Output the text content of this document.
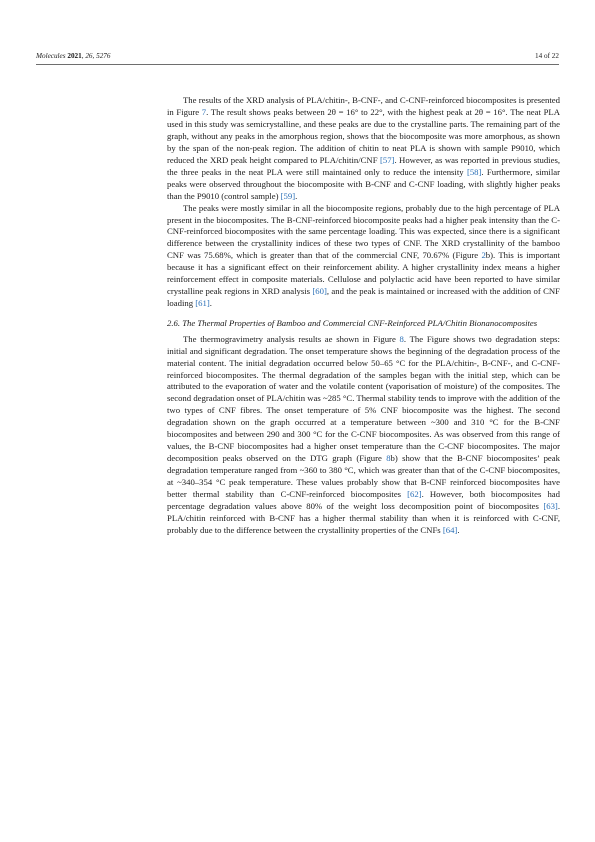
Molecules 2021, 26, 5276	14 of 22

The results of the XRD analysis of PLA/chitin-, B-CNF-, and C-CNF-reinforced biocomposites is presented in Figure 7. The result shows peaks between 2θ = 16° to 22°, with the highest peak at 2θ = 16°. The neat PLA used in this study was semicrystalline, and these peaks are due to the crystalline parts. The remaining part of the graph, without any peaks in the amorphous region, shows that the biocomposite was more amorphous, as shown by the span of the non-peak region. The addition of chitin to neat PLA is shown with sample P9010, which reduced the XRD peak height compared to PLA/chitin/CNF [57]. However, as was reported in previous studies, the three peaks in the neat PLA were still maintained only to reduce the intensity [58]. Furthermore, similar peaks were observed throughout the biocomposite with B-CNF and C-CNF loading, with slightly higher peaks than the P9010 (control sample) [59].

The peaks were mostly similar in all the biocomposite regions, probably due to the high percentage of PLA present in the biocomposites. The B-CNF-reinforced biocomposite peaks had a higher peak intensity than the C-CNF-reinforced biocomposites with the same percentage loading. This was expected, since there is a significant difference between the crystallinity indices of these two types of CNF. The XRD crystallinity of the bamboo CNF was 75.68%, which is greater than that of the commercial CNF, 70.67% (Figure 2b). This is important because it has a significant effect on their reinforcement ability. A higher crystallinity index means a higher reinforcement effect in composite materials. Cellulose and polylactic acid have been reported to have similar crystalline peak regions in XRD analysis [60], and the peak is maintained or increased with the addition of CNF loading [61].

2.6. The Thermal Properties of Bamboo and Commercial CNF-Reinforced PLA/Chitin Bionanocomposites

The thermogravimetry analysis results ae shown in Figure 8. The Figure shows two degradation steps: initial and significant degradation. The onset temperature shows the beginning of the degradation process of the material content. The initial degradation occurred below 50–65 °C for the PLA/chitin-, B-CNF-, and C-CNF-reinforced biocomposites. The thermal degradation of the samples began with the initial step, which can be attributed to the evaporation of water and the volatile content (vaporisation of moisture) of the composites. The second degradation onset of PLA/chitin was ~285 °C. Thermal stability tends to improve with the addition of the two types of CNF fibres. The onset temperature of 5% CNF biocomposite was the highest. The second degradation shown on the graph occurred at a temperature between ~300 and 310 °C for the B-CNF biocomposites and between 290 and 300 °C for the C-CNF biocomposites. As was observed from this range of values, the B-CNF biocomposites had a higher onset temperature than the C-CNF biocomposites. The major decomposition peaks observed on the DTG graph (Figure 8b) show that the B-CNF biocomposites’ peak degradation temperature ranged from ~360 to 380 °C, which was greater than that of the C-CNF biocomposites, at ~340–354 °C peak temperature. These values probably show that B-CNF reinforced biocomposites have better thermal stability than C-CNF-reinforced biocomposites [62]. However, both biocomposites had percentage degradation values above 80% of the weight loss decomposition point of biocomposites [63]. PLA/chitin reinforced with B-CNF has a higher thermal stability than when it is reinforced with C-CNF, probably due to the difference between the crystallinity properties of the CNFs [64].
